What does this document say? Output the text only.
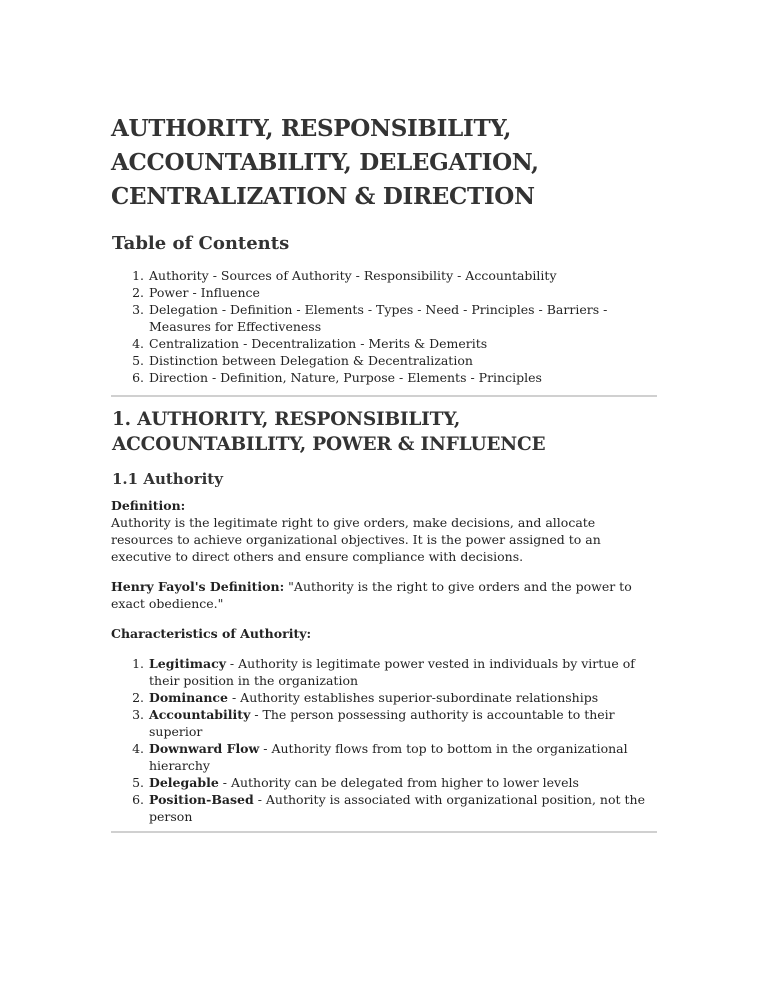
AUTHORITY, RESPONSIBILITY,
ACCOUNTABILITY, DELEGATION,
CENTRALIZATION & DIRECTION
Table of Contents
1. Authority - Sources of Authority - Responsibility - Accountability
2. Power - Influence
3. Delegation - Definition - Elements - Types - Need - Principles - Barriers - Measures for Effectiveness
4. Centralization - Decentralization - Merits & Demerits
5. Distinction between Delegation & Decentralization
6. Direction - Definition, Nature, Purpose - Elements - Principles
1. AUTHORITY, RESPONSIBILITY, ACCOUNTABILITY, POWER & INFLUENCE
1.1 Authority

Definition:

Authority is the legitimate right to give orders, make decisions, and allocate resources to achieve organizational objectives. It is the power assigned to an executive to direct others and ensure compliance with decisions.

Henry Fayol's Definition: "Authority is the right to give orders and the power to exact obedience."

Characteristics of Authority:

1. Legitimacy - Authority is legitimate power vested in individuals by virtue of their position in the organization
2. Dominance - Authority establishes superior-subordinate relationships
3. Accountability - The person possessing authority is accountable to their superior
4. Downward Flow - Authority flows from top to bottom in the organizational hierarchy
5. Delegable - Authority can be delegated from higher to lower levels
6. Position-Based - Authority is associated with organizational position, not the person
